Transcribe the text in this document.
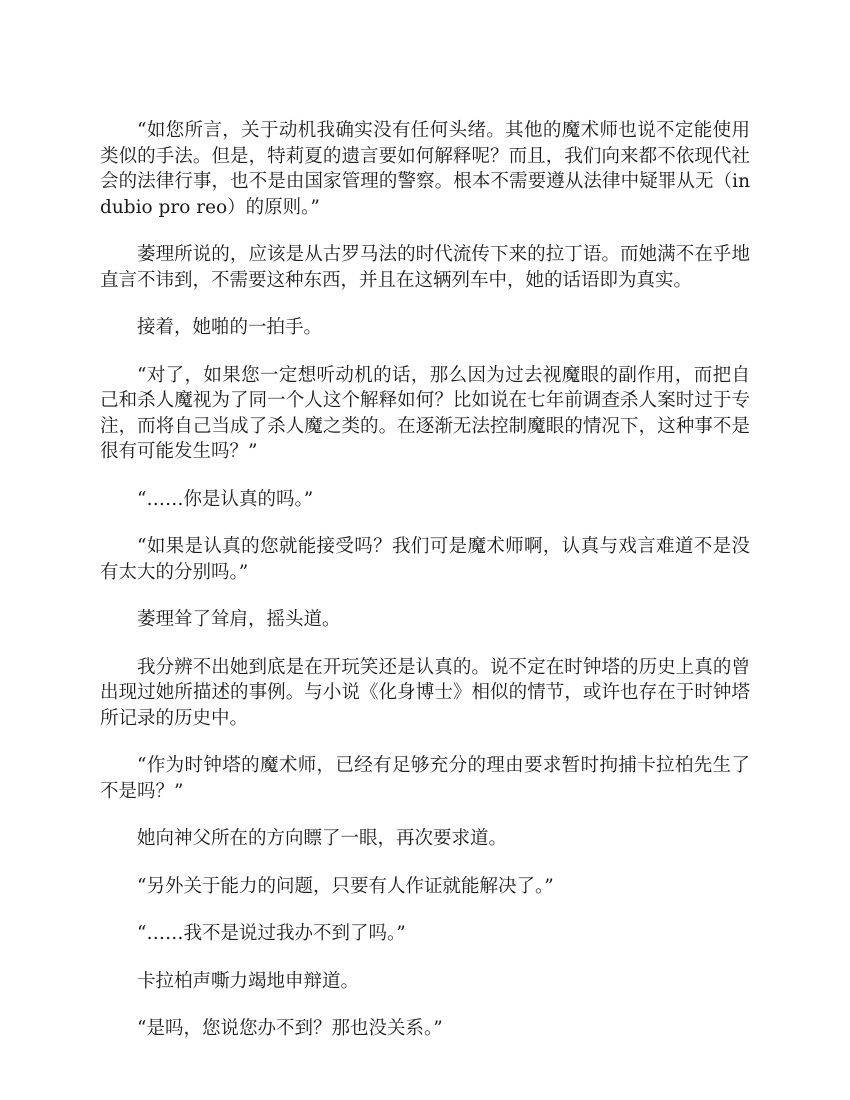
“如您所言，关于动机我确实没有任何头绪。其他的魔术师也说不定能使用类似的手法。但是，特莉夏的遗言要如何解释呢？而且，我们向来都不依现代社会的法律行事，也不是由国家管理的警察。根本不需要遵从法律中疑罪从无（in dubio pro reo）的原则。”

萎理所说的，应该是从古罗马法的时代流传下来的拉丁语。而她满不在乎地直言不讳到，不需要这种东西，并且在这辆列车中，她的话语即为真实。

接着，她啪的一拍手。

“对了，如果您一定想听动机的话，那么因为过去视魔眼的副作用，而把自己和杀人魔视为了同一个人这个解释如何？比如说在七年前调查杀人案时过于专注，而将自己当成了杀人魔之类的。在逐渐无法控制魔眼的情况下，这种事不是很有可能发生吗？”

“……你是认真的吗。”

“如果是认真的您就能接受吗？我们可是魔术师啊，认真与戏言难道不是没有太大的分别吗。”

萎理耸了耸肩，摇头道。

我分辨不出她到底是在开玩笑还是认真的。说不定在时钟塔的历史上真的曾出现过她所描述的事例。与小说《化身博士》相似的情节，或许也存在于时钟塔所记录的历史中。

“作为时钟塔的魔术师，已经有足够充分的理由要求暂时拘捕卡拉柏先生了不是吗？”

她向神父所在的方向瞟了一眼，再次要求道。

“另外关于能力的问题，只要有人作证就能解决了。”

“……我不是说过我办不到了吗。”

卡拉柏声嘶力竭地申辩道。

“是吗，您说您办不到？那也没关系。”
